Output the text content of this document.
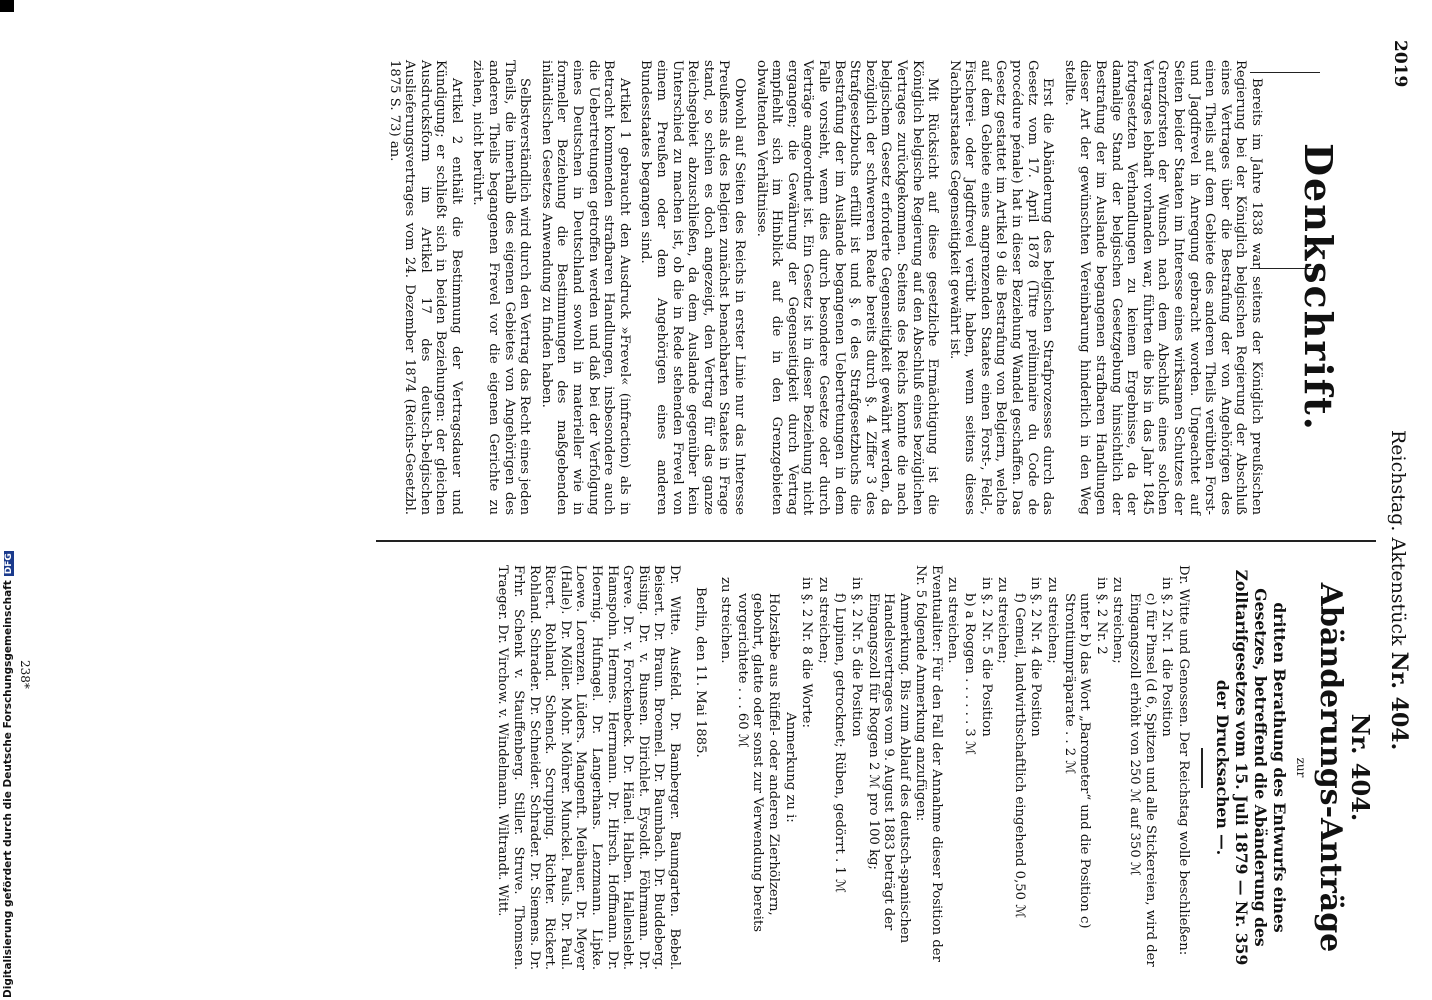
2019
Reichstag. Aktenstück Nr. 404.
Denkschrift.

Bereits im Jahre 1838 war seitens der Königlich preußischen Regierung bei der Königlich belgischen Regierung der Abschluß eines Vertrages über die Bestrafung der von Angehörigen des einen Theils auf dem Gebiete des anderen Theils verübten Forst- und Jagdfrevel in Anregung gebracht worden. Ungeachtet auf Seiten beider Staaten im Interesse eines wirksamen Schutzes der Grenzforsten der Wunsch nach dem Abschluß eines solchen Vertrages lebhaft vorhanden war, führten die bis in das Jahr 1845 fortgesetzten Verhandlungen zu keinem Ergebnisse, da der damalige Stand der belgischen Gesetzgebung hinsichtlich der Bestrafung der im Auslande begangenen strafbaren Handlungen dieser Art der gewünschten Vereinbarung hinderlich in den Weg stellte.

Erst die Abänderung des belgischen Strafprozesses durch das Gesetz vom 17. April 1878 (Titre préliminaire du Code de procédure pénale) hat in dieser Beziehung Wandel geschaffen. Das Gesetz gestattet im Artikel 9 die Bestrafung von Belgiern, welche auf dem Gebiete eines angrenzenden Staates einen Forst-, Feld-, Fischerei- oder Jagdfrevel verübt haben, wenn seitens dieses Nachbarstaates Gegenseitigkeit gewährt ist.

Mit Rücksicht auf diese gesetzliche Ermächtigung ist die Königlich belgische Regierung auf den Abschluß eines bezüglichen Vertrages zurückgekommen. Seitens des Reichs konnte die nach belgischem Gesetz erforderte Gegenseitigkeit gewährt werden, da bezüglich der schwereren Reate bereits durch §. 4 Ziffer 3 des Strafgesetzbuchs erfüllt ist und §. 6 des Strafgesetzbuchs die Bestrafung der im Auslande begangenen Uebertretungen in dem Falle vorsieht, wenn dies durch besondere Gesetze oder durch Verträge angeordnet ist. Ein Gesetz ist in dieser Beziehung nicht ergangen; die Gewährung der Gegenseitigkeit durch Vertrag empfiehlt sich im Hinblick auf die in den Grenzgebieten obwaltenden Verhältnisse.

Obwohl auf Seiten des Reichs in erster Linie nur das Interesse Preußens als des Belgien zunächst benachbarten Staates in Frage stand, so schien es doch angezeigt, den Vertrag für das ganze Reichsgebiet abzuschließen, da dem Auslande gegenüber kein Unterschied zu machen ist, ob die in Rede stehenden Frevel von einem Preußen oder dem Angehörigen eines anderen Bundesstaates begangen sind.

Artikel 1 gebraucht den Ausdruck »Frevel« (infraction) als in Betracht kommenden strafbaren Handlungen, insbesondere auch die Uebertretungen getroffen werden und daß bei der Verfolgung eines Deutschen in Deutschland sowohl in materieller wie in formeller Beziehung die Bestimmungen des maßgebenden inländischen Gesetzes Anwendung zu finden haben.

Selbstverständlich wird durch den Vertrag das Recht eines jeden Theils, die innerhalb des eigenen Gebietes von Angehörigen des anderen Theils begangenen Frevel vor die eigenen Gerichte zu ziehen, nicht berührt.

Artikel 2 enthält die Bestimmung der Vertragsdauer und Kündigung; er schließt sich in beiden Beziehungen: der gleichen Ausdrucksform im Artikel 17 des deutsch-belgischen Auslieferungsvertrages vom 24. Dezember 1874 (Reichs-Gesetzbl. 1875 S. 73) an.

Nr. 404.
Abänderungs-Anträge
zur
dritten Berathung des Entwurfs eines Gesetzes, betreffend die Abänderung des Zolltarifgesetzes vom 15. Juli 1879 — Nr. 359 der Drucksachen —.
Dr. Witte und Genossen. Der Reichstag wolle beschließen:
in §. 2 Nr. 1 die Position
c) für Pinsel (d 6, Spitzen und alle Stickereien, wird der Eingangszoll erhöht von 250 ℳ auf 350 ℳ
zu streichen;
in §. 2 Nr. 2
unter b) das Wort „Barometer“ und die Position c) Strontiumpräparate . . 2 ℳ
zu streichen;
in §. 2 Nr. 4 die Position
f) Gemeil, landwirthschaftlich eingehend 0,50 ℳ
zu streichen;
in §. 2 Nr. 5 die Position
b) a Roggen . . . . . . 3 ℳ
zu streichen.
Eventualiter: Für den Fall der Annahme dieser Position der Nr. 5 folgende Anmerkung anzufügen:
Anmerkung. Bis zum Ablauf des deutsch-spanischen Handelsvertrages vom 9. August 1883 beträgt der Eingangszoll für Roggen 2 ℳ pro 100 kg;
in §. 2 Nr. 5 die Position
f) Lupinen, getrocknet; Rüben, gedörrt . 1 ℳ
zu streichen;
in §. 2 Nr. 8 die Worte:
Anmerkung zu i:
Holzstäbe aus Rüffel- oder anderen Zierhölzern, gebohrt, glatte oder sonst zur Verwendung bereits vorgerichtete . . . 60 ℳ
zu streichen.
Berlin, den 11. Mai 1885.
Dr. Witte. Ausfeld. Dr. Bamberger. Baumgarten. Bebel. Beisert. Dr. Braun. Broemel. Dr. Baumbach. Dr. Buddeberg. Büsing. Dr. v. Bunsen. Dirichlet. Eysoldt. Föhrmann. Dr. Greve. Dr. v. Forckenbeck. Dr. Hänel. Halben. Hallenslebt. Hamspohn. Hermes. Herrmann. Dr. Hirsch. Hoffmann. Dr. Hoernig. Hufnagel. Dr. Langerhans. Lenzmann. Lipke. Loewe. Lorenzen. Lüders. Mangenft. Meibauer. Dr. Meyer (Halle). Dr. Möller. Mohr. Möhrer. Munckel. Pauls. Dr. Paul. Ricert. Rohland. Schenck. Scrupping. Richter. Rickert. Rohland. Schrader. Dr. Schneider. Schrader. Dr. Siemens. Dr. Frhr. Schenk v. Stauffenberg. Stiller. Struve. Thomsen. Traeger. Dr. Virchow. v. Windelmann. Wiltrandt. Witt.
238*
Digitalisierung gefördert durch die Deutsche ForschungsgemeinschaftDFG
